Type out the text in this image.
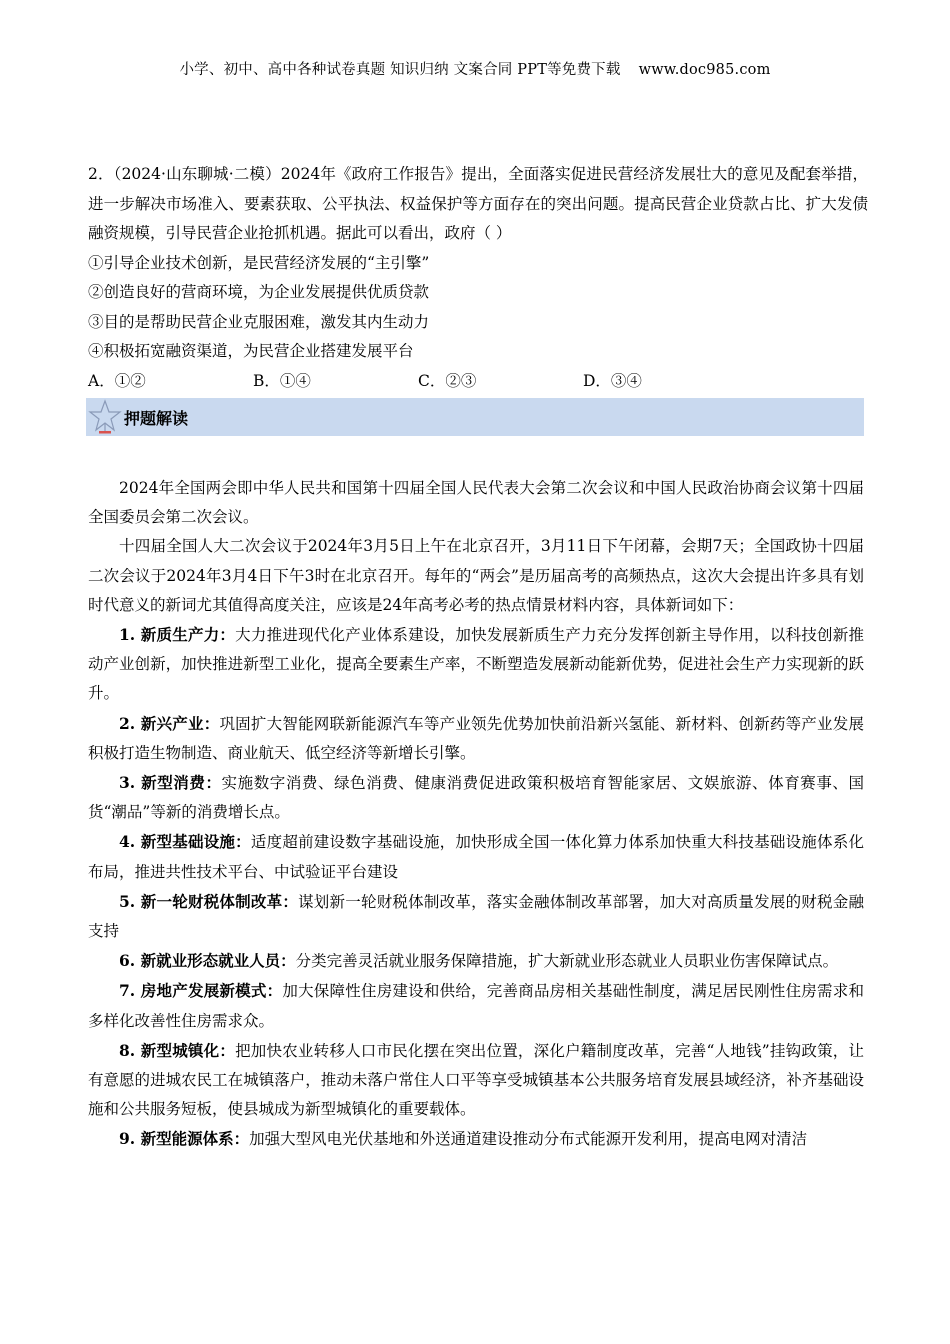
小学、初中、高中各种试卷真题 知识归纳 文案合同 PPT等免费下载 www.doc985.com

2．（2024·山东聊城·二模）2024年《政府工作报告》提出，全面落实促进民营经济发展壮大的意见及配套举措，进一步解决市场准入、要素获取、公平执法、权益保护等方面存在的突出问题。提高民营企业贷款占比、扩大发债融资规模，引导民营企业抢抓机遇。据此可以看出，政府（ ）

①引导企业技术创新，是民营经济发展的“主引擎”

②创造良好的营商环境，为企业发展提供优质贷款

③目的是帮助民营企业克服困难，激发其内生动力

④积极拓宽融资渠道，为民营企业搭建发展平台

A．①②	B．①④	C．②③	D．③④
押题解读

2024年全国两会即中华人民共和国第十四届全国人民代表大会第二次会议和中国人民政治协商会议第十四届全国委员会第二次会议。

十四届全国人大二次会议于2024年3月5日上午在北京召开，3月11日下午闭幕，会期7天；全国政协十四届二次会议于2024年3月4日下午3时在北京召开。每年的“两会”是历届高考的高频热点，这次大会提出许多具有划时代意义的新词尤其值得高度关注，应该是24年高考必考的热点情景材料内容，具体新词如下：

1. 新质生产力：大力推进现代化产业体系建设，加快发展新质生产力充分发挥创新主导作用，以科技创新推动产业创新，加快推进新型工业化，提高全要素生产率，不断塑造发展新动能新优势，促进社会生产力实现新的跃升。

2. 新兴产业：巩固扩大智能网联新能源汽车等产业领先优势加快前沿新兴氢能、新材料、创新药等产业发展积极打造生物制造、商业航天、低空经济等新增长引擎。

3. 新型消费：实施数字消费、绿色消费、健康消费促进政策积极培育智能家居、文娱旅游、体育赛事、国货“潮品”等新的消费增长点。

4. 新型基础设施：适度超前建设数字基础设施，加快形成全国一体化算力体系加快重大科技基础设施体系化布局，推进共性技术平台、中试验证平台建设

5. 新一轮财税体制改革：谋划新一轮财税体制改革，落实金融体制改革部署，加大对高质量发展的财税金融支持

6. 新就业形态就业人员：分类完善灵活就业服务保障措施，扩大新就业形态就业人员职业伤害保障试点。

7. 房地产发展新模式：加大保障性住房建设和供给，完善商品房相关基础性制度，满足居民刚性住房需求和多样化改善性住房需求众。

8. 新型城镇化：把加快农业转移人口市民化摆在突出位置，深化户籍制度改革，完善“人地钱”挂钩政策，让有意愿的进城农民工在城镇落户，推动未落户常住人口平等享受城镇基本公共服务培育发展县域经济，补齐基础设施和公共服务短板，使县城成为新型城镇化的重要载体。

9. 新型能源体系：加强大型风电光伏基地和外送通道建设推动分布式能源开发利用，提高电网对清洁
